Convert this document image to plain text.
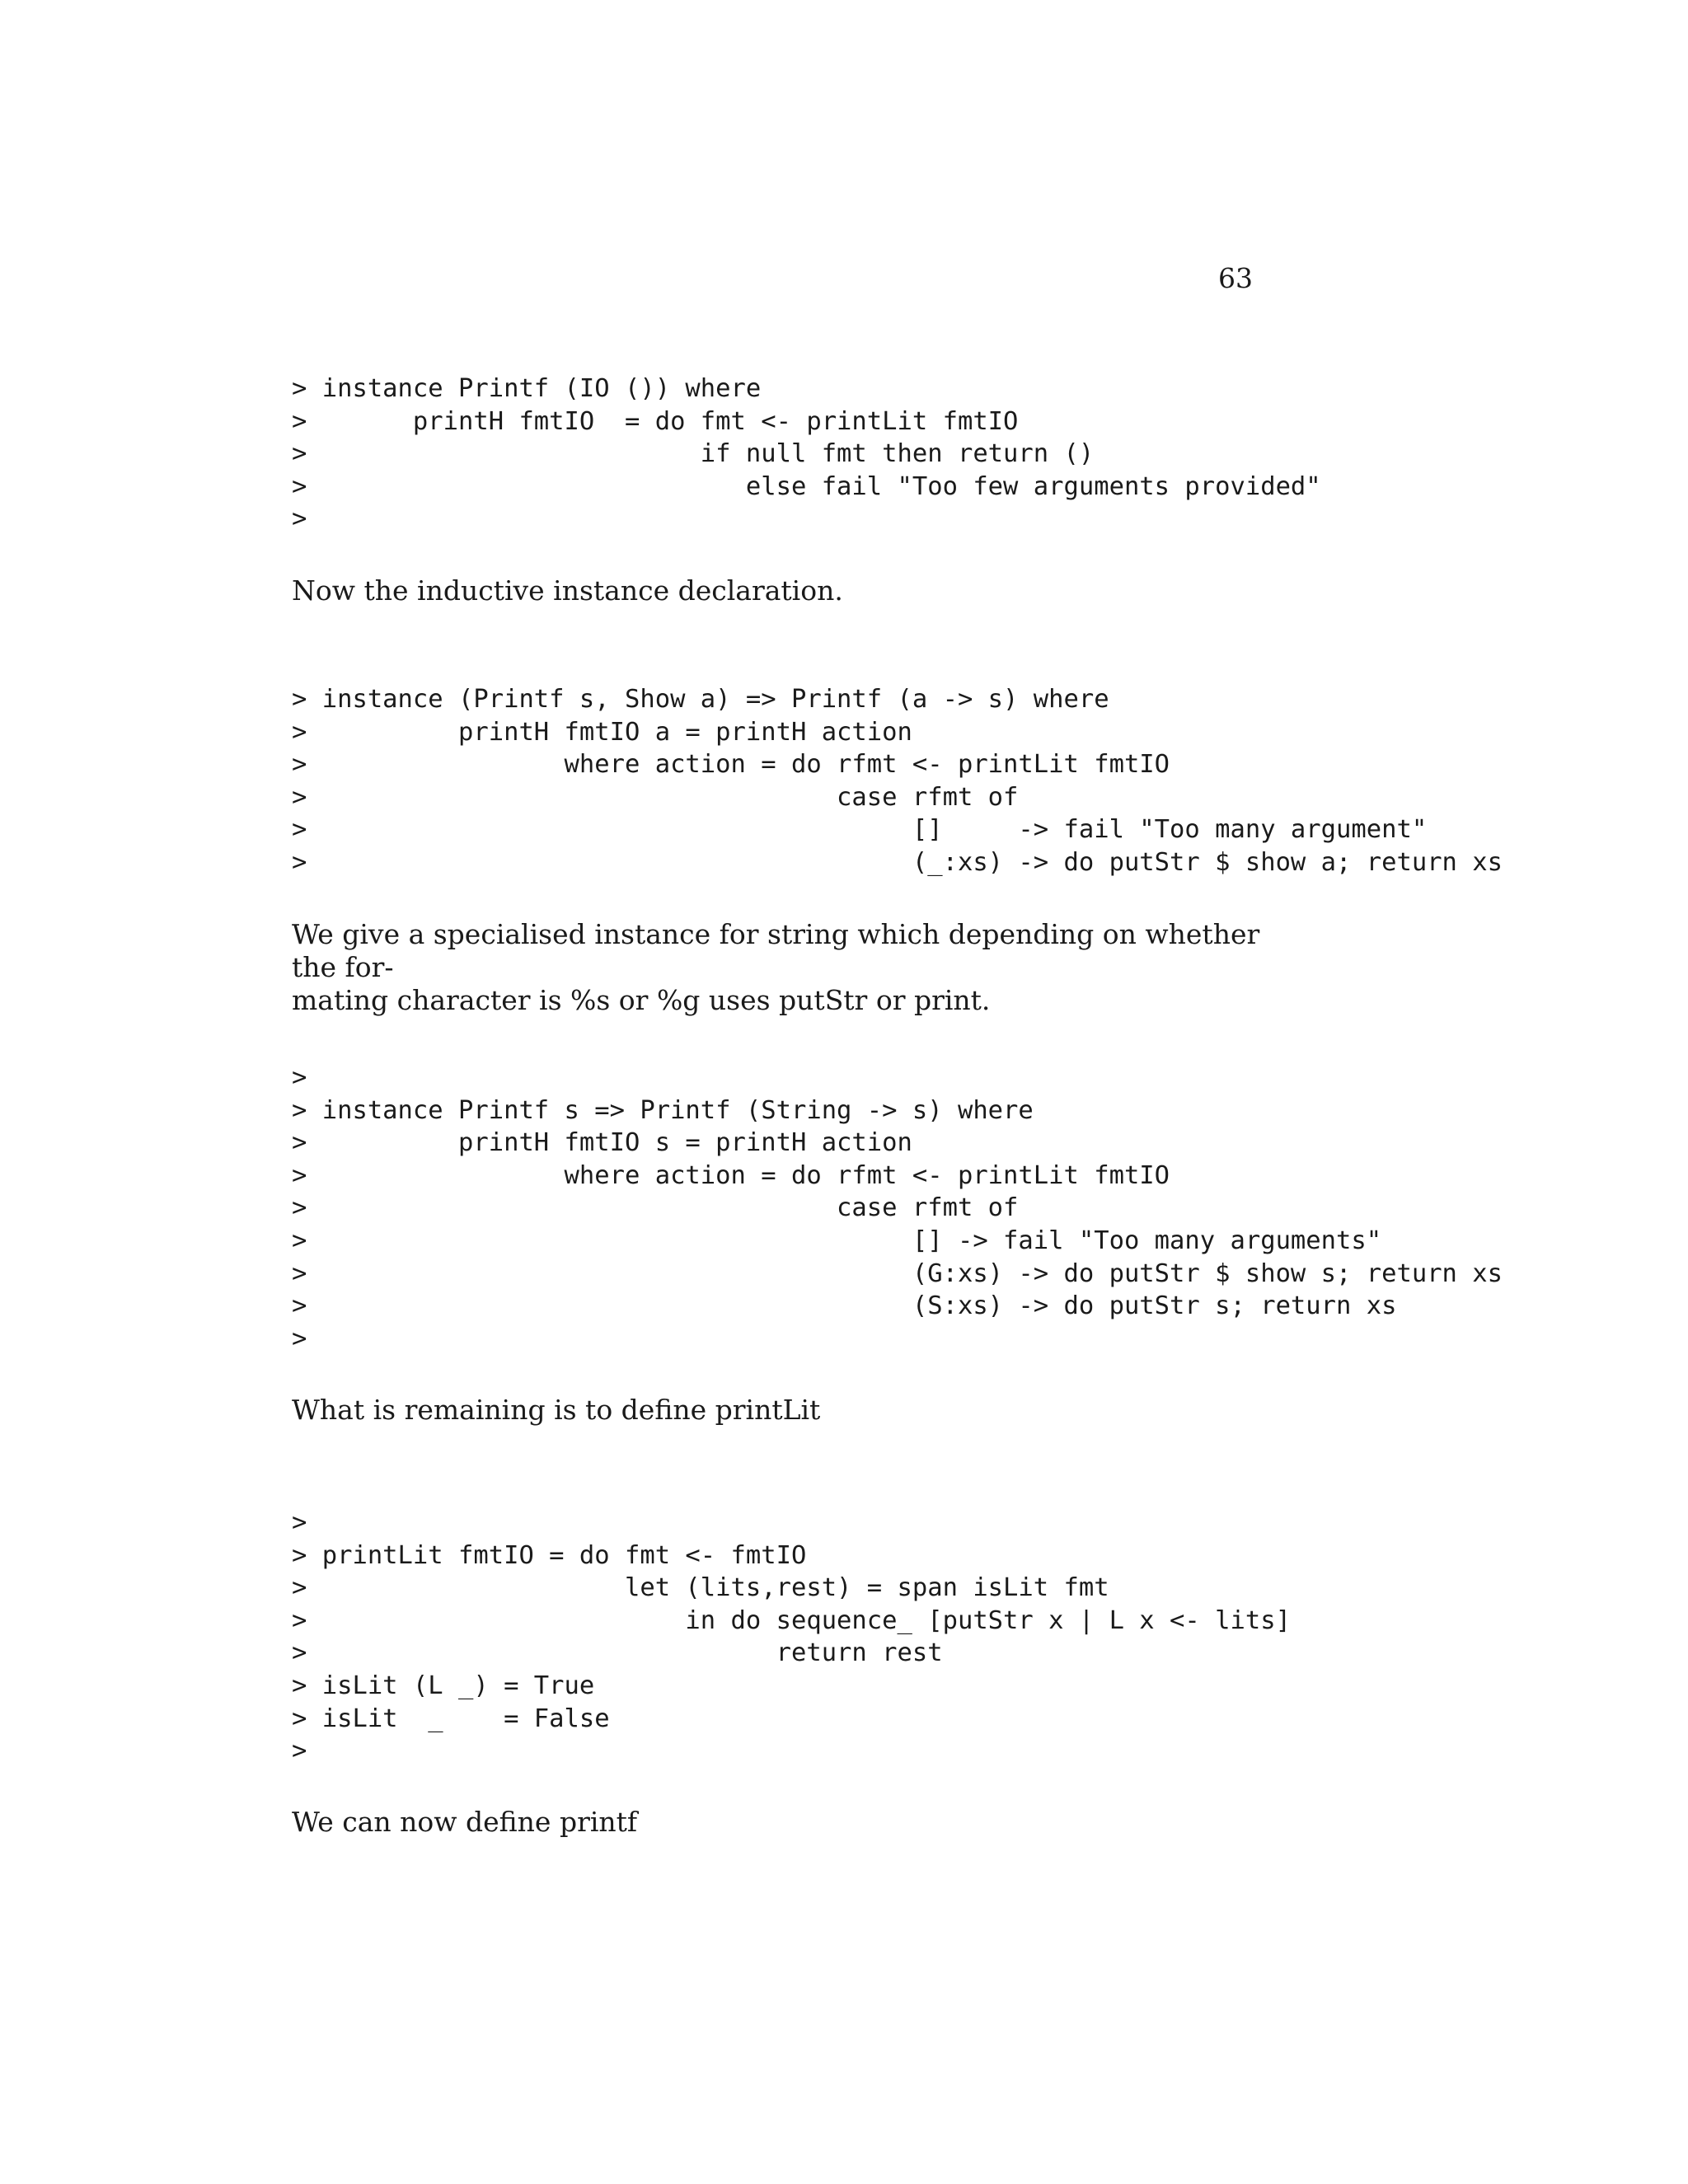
63
> instance Printf (IO ()) where
>       printH fmtIO  = do fmt <- printLit fmtIO
>                          if null fmt then return ()
>                             else fail "Too few arguments provided"
>

Now the inductive instance declaration.

> instance (Printf s, Show a) => Printf (a -> s) where
>          printH fmtIO a = printH action
>                 where action = do rfmt <- printLit fmtIO
>                                   case rfmt of
>                                        []     -> fail "Too many argument"
>                                        (_:xs) -> do putStr $ show a; return xs

We give a specialised instance for string which depending on whether the for-
mating character is %s or %g uses putStr or print.

>
> instance Printf s => Printf (String -> s) where
>          printH fmtIO s = printH action
>                 where action = do rfmt <- printLit fmtIO
>                                   case rfmt of
>                                        [] -> fail "Too many arguments"
>                                        (G:xs) -> do putStr $ show s; return xs
>                                        (S:xs) -> do putStr s; return xs
>

What is remaining is to define printLit

>
> printLit fmtIO = do fmt <- fmtIO
>                     let (lits,rest) = span isLit fmt
>                         in do sequence_ [putStr x | L x <- lits]
>                               return rest
> isLit (L _) = True
> isLit  _    = False
>

We can now define printf
